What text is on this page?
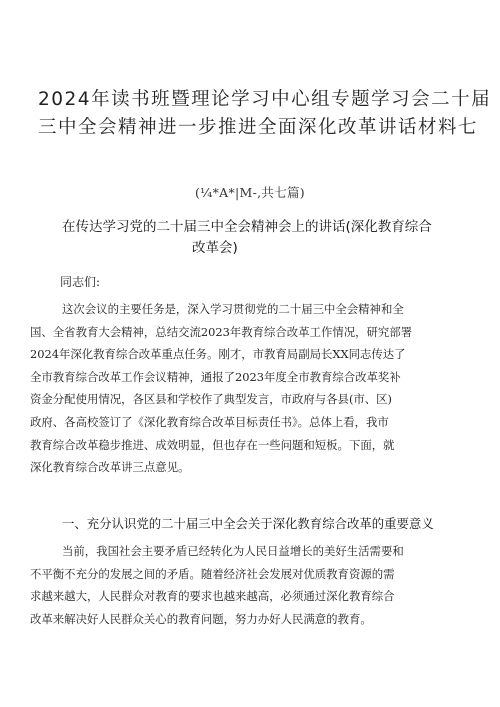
2024年读书班暨理论学习中心组专题学习会二十届
三中全会精神进一步推进全面深化改革讲话材料七
(¼*A*|M-,共七篇)
在传达学习党的二十届三中全会精神会上的讲话(深化教育综合
改革会)
同志们:

这次会议的主要任务是，深入学习贯彻党的二十届三中全会精神和全
国、全省教育大会精神，总结交流2023年教育综合改革工作情况，研究部署
2024年深化教育综合改革重点任务。刚才，市教育局副局长XX同志传达了
全市教育综合改革工作会议精神，通报了2023年度全市教育综合改革奖补
资金分配使用情况，各区县和学校作了典型发言，市政府与各县(市、区)
政府、各高校签订了《深化教育综合改革目标责任书》。总体上看，我市
教育综合改革稳步推进、成效明显，但也存在一些问题和短板。下面，就
深化教育综合改革讲三点意见。

一、充分认识党的二十届三中全会关于深化教育综合改革的重要意义

当前，我国社会主要矛盾已经转化为人民日益增长的美好生活需要和
不平衡不充分的发展之间的矛盾。随着经济社会发展对优质教育资源的需
求越来越大，人民群众对教育的要求也越来越高，必须通过深化教育综合
改革来解决好人民群众关心的教育问题，努力办好人民满意的教育。
